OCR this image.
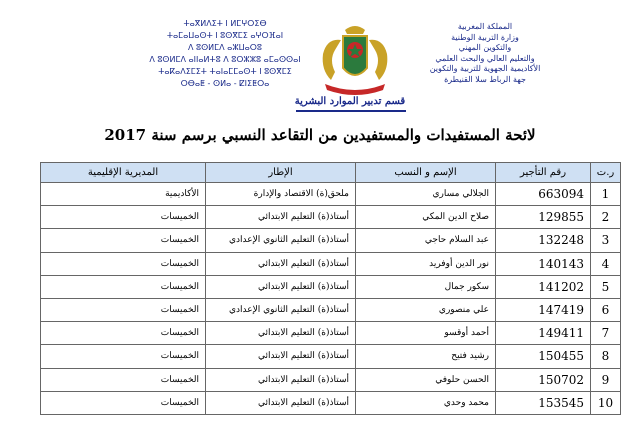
ⵜⴰⴳⵍⴷⵉⵜ ⵏ ⵍⵎⵖⵔⵉⴱ
ⵜⴰⵎⴰⵡⴰⵙⵜ ⵏ ⵓⵙⴳⵎⵉ ⴰⵖⵔⴼⴰⵏ
ⴷ ⵓⵙⵍⵎⴷ ⴰⵣⵡⴰⵔⵓ
ⴷ ⵓⵙⵍⵎⴷ ⴰⵏⵏⴰⵍⵜⵓ ⴷ ⵓⵔⵣⵣⵓ ⴰⵎⴰⵙⵙⴰⵏ
ⵜⴰⴽⴰⴷⵉⵎⵉⵜ ⵜⴰⵏⴰⵎⵎⴰⵙⵜ ⵏ ⵓⵙⴳⵎⵉ
ⵔⴱⴰⵟ - ⵙⵍⴰ - ⵇⵏⵉⵟⵔⴰ
المملكة المغربية
وزارة التربية الوطنية
والتكوين المهني
والتعليم العالي والبحث العلمي
الأكاديمية الجهوية للتربية والتكوين
جهة الرباط سلا القنيطرة
قسم تدبير الموارد البشرية
لائحة المستفيدات والمستفيدين من التقاعد النسبي برسم سنة 2017
ر.ت	رقم التأجير	الإسم و النسب	الإطار	المديرية الإقليمية
1	663094	الجلالي مساري	ملحق(ة) الاقتصاد والإدارة	الأكاديمية
2	129855	صلاح الدين المكي	أستاذ(ة) التعليم الابتدائي	الخميسات
3	132248	عبد السلام حاجي	أستاذ(ة) التعليم الثانوي الإعدادي	الخميسات
4	140143	نور الدين أوفريد	أستاذ(ة) التعليم الابتدائي	الخميسات
5	141202	سكور جمال	أستاذ(ة) التعليم الابتدائي	الخميسات
6	147419	علي منصوري	أستاذ(ة) التعليم الثانوي الإعدادي	الخميسات
7	149411	أحمد أوقسو	أستاذ(ة) التعليم الابتدائي	الخميسات
8	150455	رشيد فتيح	أستاذ(ة) التعليم الابتدائي	الخميسات
9	150702	الحسن حلوفي	أستاذ(ة) التعليم الابتدائي	الخميسات
10	153545	محمد وحدي	أستاذ(ة) التعليم الابتدائي	الخميسات
